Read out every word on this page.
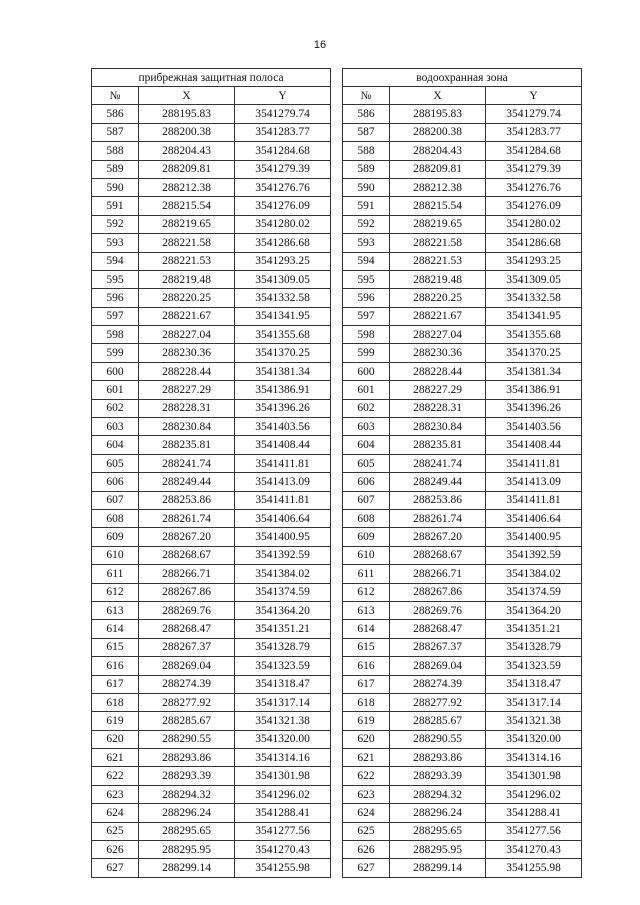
16
прибрежная защитная полоса		
№	X	Y
586	288195.83	3541279.74
587	288200.38	3541283.77
588	288204.43	3541284.68
589	288209.81	3541279.39
590	288212.38	3541276.76
591	288215.54	3541276.09
592	288219.65	3541280.02
593	288221.58	3541286.68
594	288221.53	3541293.25
595	288219.48	3541309.05
596	288220.25	3541332.58
597	288221.67	3541341.95
598	288227.04	3541355.68
599	288230.36	3541370.25
600	288228.44	3541381.34
601	288227.29	3541386.91
602	288228.31	3541396.26
603	288230.84	3541403.56
604	288235.81	3541408.44
605	288241.74	3541411.81
606	288249.44	3541413.09
607	288253.86	3541411.81
608	288261.74	3541406.64
609	288267.20	3541400.95
610	288268.67	3541392.59
611	288266.71	3541384.02
612	288267.86	3541374.59
613	288269.76	3541364.20
614	288268.47	3541351.21
615	288267.37	3541328.79
616	288269.04	3541323.59
617	288274.39	3541318.47
618	288277.92	3541317.14
619	288285.67	3541321.38
620	288290.55	3541320.00
621	288293.86	3541314.16
622	288293.39	3541301.98
623	288294.32	3541296.02
624	288296.24	3541288.41
625	288295.65	3541277.56
626	288295.95	3541270.43
627	288299.14	3541255.98
водоохранная зона		
№	X	Y
586	288195.83	3541279.74
587	288200.38	3541283.77
588	288204.43	3541284.68
589	288209.81	3541279.39
590	288212.38	3541276.76
591	288215.54	3541276.09
592	288219.65	3541280.02
593	288221.58	3541286.68
594	288221.53	3541293.25
595	288219.48	3541309.05
596	288220.25	3541332.58
597	288221.67	3541341.95
598	288227.04	3541355.68
599	288230.36	3541370.25
600	288228.44	3541381.34
601	288227.29	3541386.91
602	288228.31	3541396.26
603	288230.84	3541403.56
604	288235.81	3541408.44
605	288241.74	3541411.81
606	288249.44	3541413.09
607	288253.86	3541411.81
608	288261.74	3541406.64
609	288267.20	3541400.95
610	288268.67	3541392.59
611	288266.71	3541384.02
612	288267.86	3541374.59
613	288269.76	3541364.20
614	288268.47	3541351.21
615	288267.37	3541328.79
616	288269.04	3541323.59
617	288274.39	3541318.47
618	288277.92	3541317.14
619	288285.67	3541321.38
620	288290.55	3541320.00
621	288293.86	3541314.16
622	288293.39	3541301.98
623	288294.32	3541296.02
624	288296.24	3541288.41
625	288295.65	3541277.56
626	288295.95	3541270.43
627	288299.14	3541255.98
